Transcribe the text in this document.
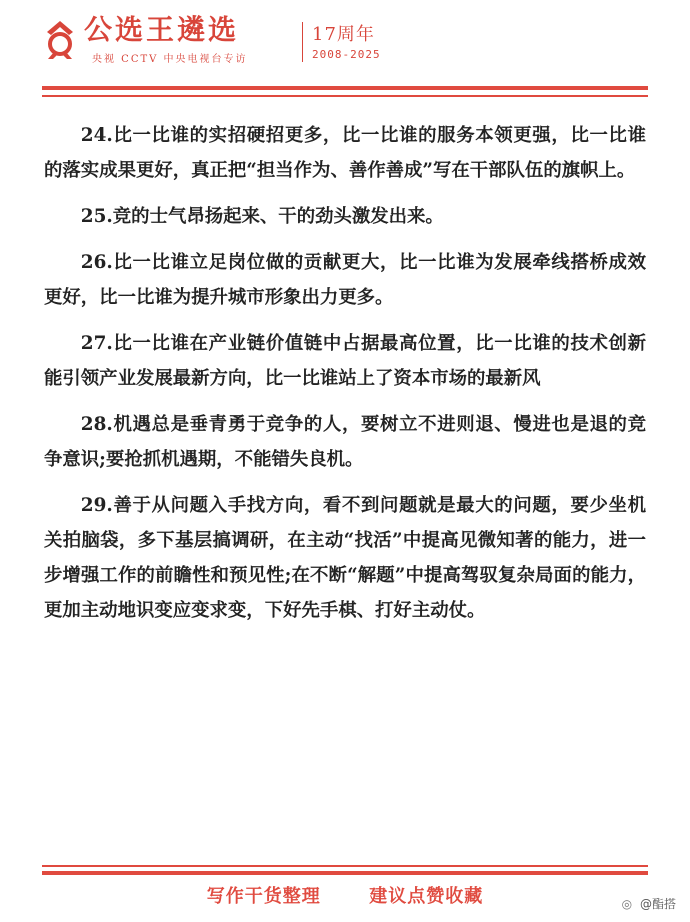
公选王遴选
央视 CCTV 中央电视台专访
17周年
2008-2025

24.比一比谁的实招硬招更多，比一比谁的服务本领更强，比一比谁的落实成果更好，真正把“担当作为、善作善成”写在干部队伍的旗帜上。

25.竞的士气昂扬起来、干的劲头激发出来。

26.比一比谁立足岗位做的贡献更大，比一比谁为发展牵线搭桥成效更好，比一比谁为提升城市形象出力更多。

27.比一比谁在产业链价值链中占据最高位置，比一比谁的技术创新能引领产业发展最新方向，比一比谁站上了资本市场的最新风

28.机遇总是垂青勇于竞争的人，要树立不进则退、慢进也是退的竞争意识;要抢抓机遇期，不能错失良机。

29.善于从问题入手找方向，看不到问题就是最大的问题，要少坐机关拍脑袋，多下基层搞调研，在主动“找活”中提高见微知著的能力，进一步增强工作的前瞻性和预见性;在不断“解题”中提高驾驭复杂局面的能力，更加主动地识变应变求变，下好先手棋、打好主动仗。

写作干货整理	建议点赞收藏	◎ @酯搭
